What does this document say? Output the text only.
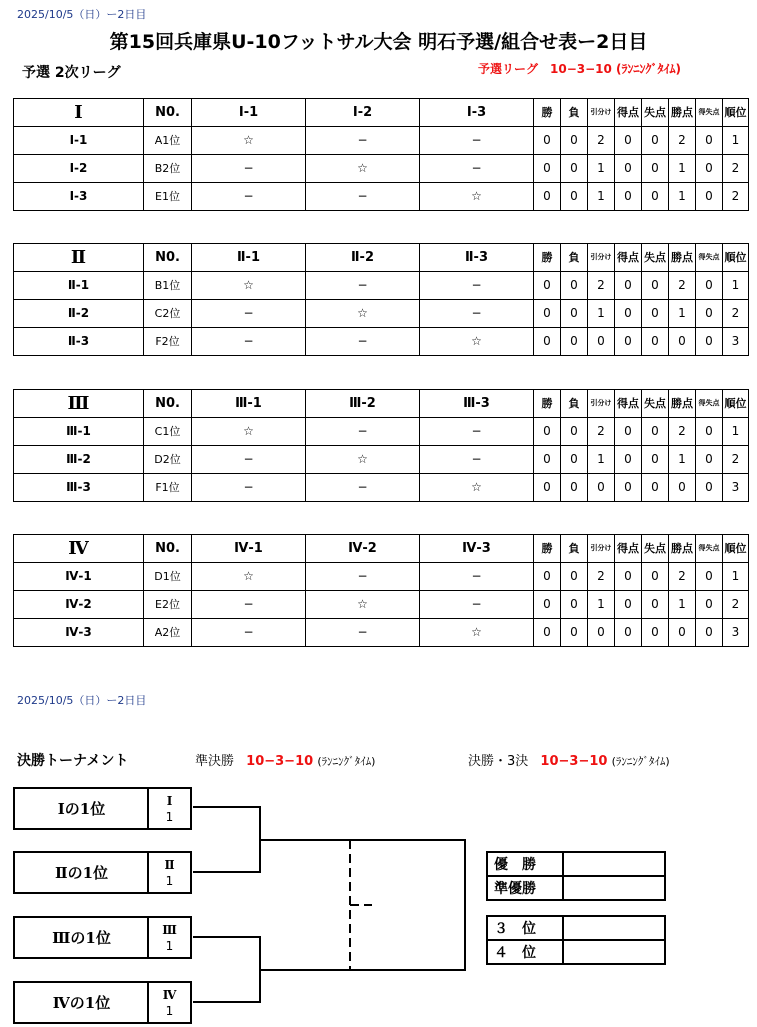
2025/10/5（日）ー2日目
第15回兵庫県U-10フットサル大会 明石予選/組合せ表ー2日目
予選 2次リーグ	予選リーグ　10−3−10 (ﾗﾝﾆﾝｸﾞﾀｲﾑ)
Ⅰ	N0.	Ⅰ-1	Ⅰ-2	Ⅰ-3	勝	負	引分け	得点	失点	勝点	得失点	順位
Ⅰ-1	A1位	☆	−	−	0	0	2	0	0	2	0	1
Ⅰ-2	B2位	−	☆	−	0	0	1	0	0	1	0	2
Ⅰ-3	E1位	−	−	☆	0	0	1	0	0	1	0	2
Ⅱ	N0.	Ⅱ-1	Ⅱ-2	Ⅱ-3	勝	負	引分け	得点	失点	勝点	得失点	順位
Ⅱ-1	B1位	☆	−	−	0	0	2	0	0	2	0	1
Ⅱ-2	C2位	−	☆	−	0	0	1	0	0	1	0	2
Ⅱ-3	F2位	−	−	☆	0	0	0	0	0	0	0	3
Ⅲ	N0.	Ⅲ-1	Ⅲ-2	Ⅲ-3	勝	負	引分け	得点	失点	勝点	得失点	順位
Ⅲ-1	C1位	☆	−	−	0	0	2	0	0	2	0	1
Ⅲ-2	D2位	−	☆	−	0	0	1	0	0	1	0	2
Ⅲ-3	F1位	−	−	☆	0	0	0	0	0	0	0	3
Ⅳ	N0.	Ⅳ-1	Ⅳ-2	Ⅳ-3	勝	負	引分け	得点	失点	勝点	得失点	順位
Ⅳ-1	D1位	☆	−	−	0	0	2	0	0	2	0	1
Ⅳ-2	E2位	−	☆	−	0	0	1	0	0	1	0	2
Ⅳ-3	A2位	−	−	☆	0	0	0	0	0	0	0	3
2025/10/5（日）ー2日目
決勝トーナメント	準決勝 10−3−10 (ﾗﾝﾆﾝｸﾞﾀｲﾑ)	決勝・3決 10−3−10 (ﾗﾝﾆﾝｸﾞﾀｲﾑ)
Ⅰの1位	Ⅰ
1
Ⅱの1位	Ⅱ
1
Ⅲの1位	Ⅲ
1
Ⅳの1位	Ⅳ
1
優　勝	
準優勝	
３　位	
４　位	
